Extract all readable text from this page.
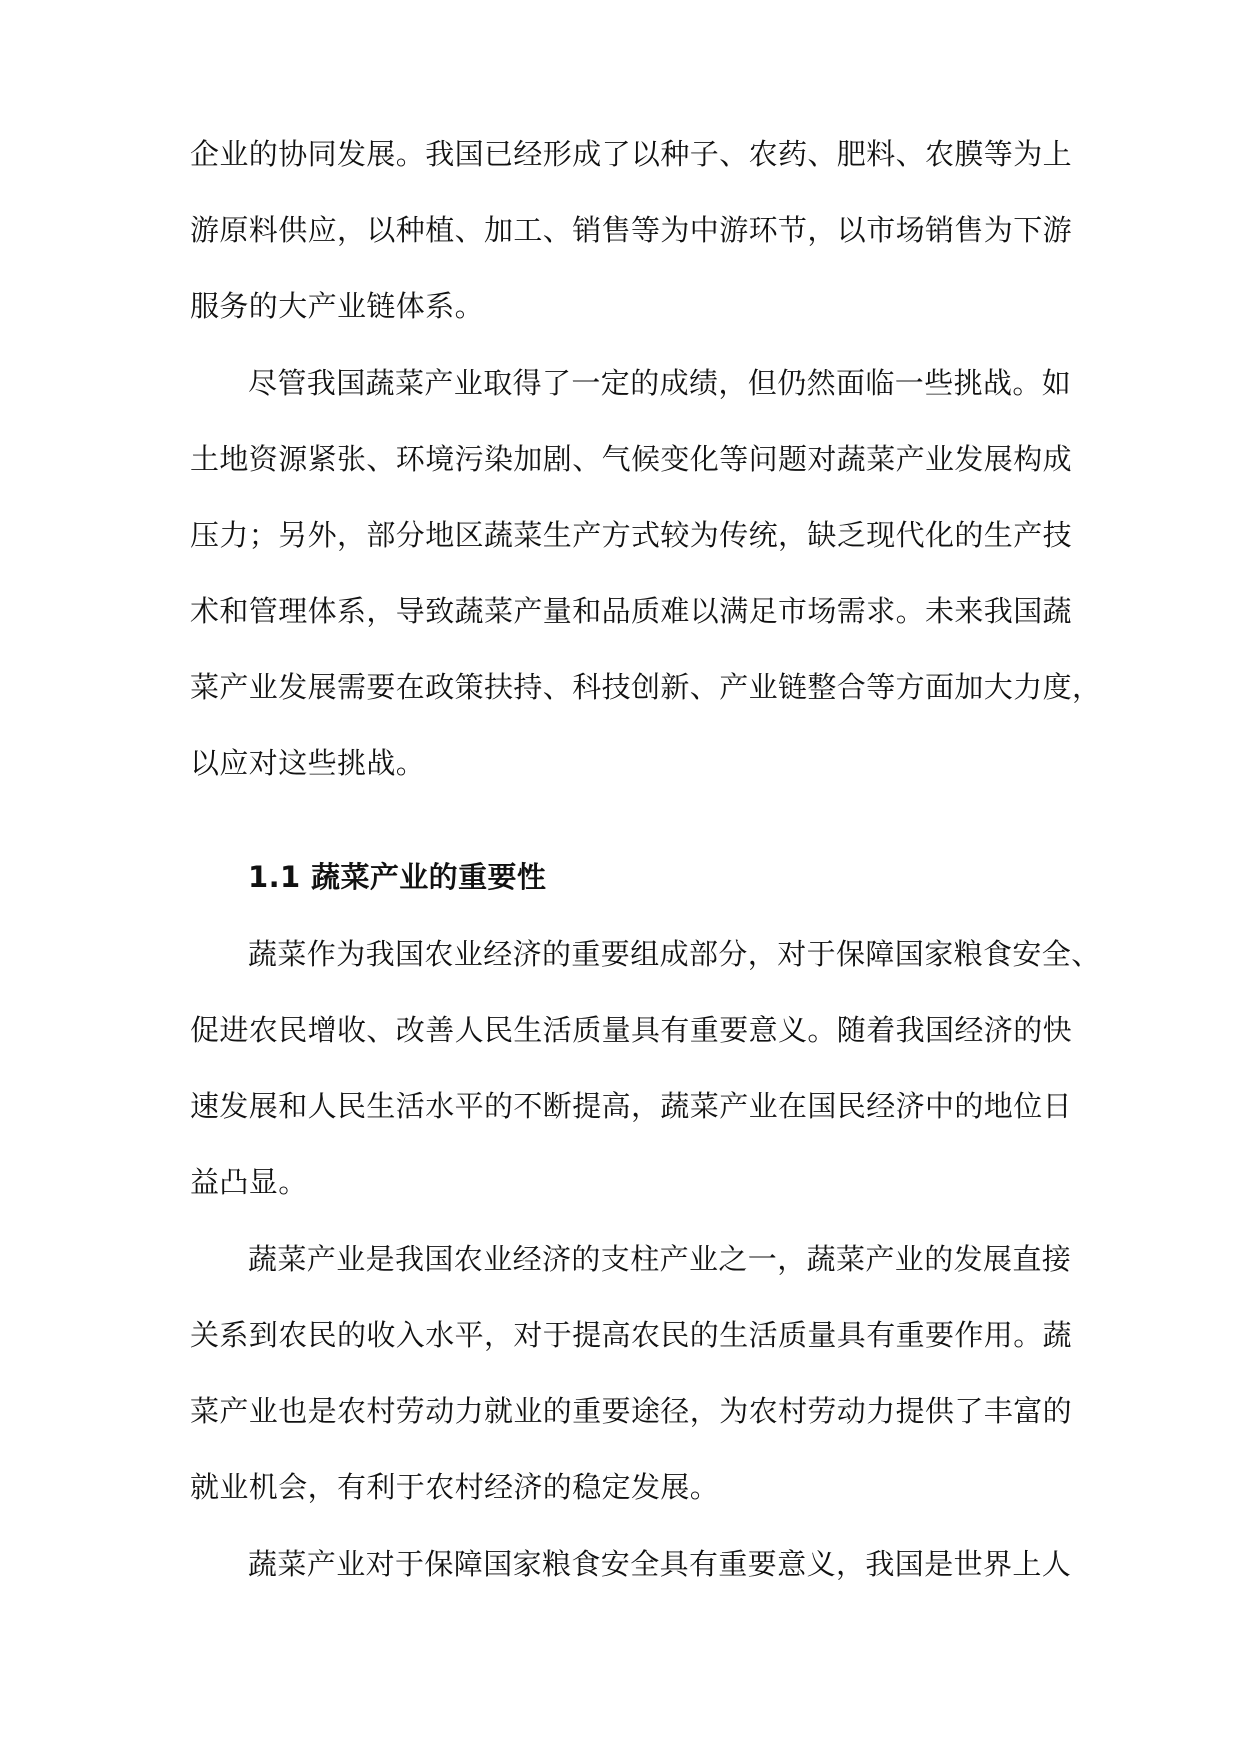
企业的协同发展。我国已经形成了以种子、农药、肥料、农膜等为上
游原料供应，以种植、加工、销售等为中游环节，以市场销售为下游
服务的大产业链体系。
尽管我国蔬菜产业取得了一定的成绩，但仍然面临一些挑战。如
土地资源紧张、环境污染加剧、气候变化等问题对蔬菜产业发展构成
压力；另外，部分地区蔬菜生产方式较为传统，缺乏现代化的生产技
术和管理体系，导致蔬菜产量和品质难以满足市场需求。未来我国蔬
菜产业发展需要在政策扶持、科技创新、产业链整合等方面加大力度，
以应对这些挑战。
1.1 蔬菜产业的重要性
蔬菜作为我国农业经济的重要组成部分，对于保障国家粮食安全、
促进农民增收、改善人民生活质量具有重要意义。随着我国经济的快
速发展和人民生活水平的不断提高，蔬菜产业在国民经济中的地位日
益凸显。
蔬菜产业是我国农业经济的支柱产业之一，蔬菜产业的发展直接
关系到农民的收入水平，对于提高农民的生活质量具有重要作用。蔬
菜产业也是农村劳动力就业的重要途径，为农村劳动力提供了丰富的
就业机会，有利于农村经济的稳定发展。
蔬菜产业对于保障国家粮食安全具有重要意义，我国是世界上人
